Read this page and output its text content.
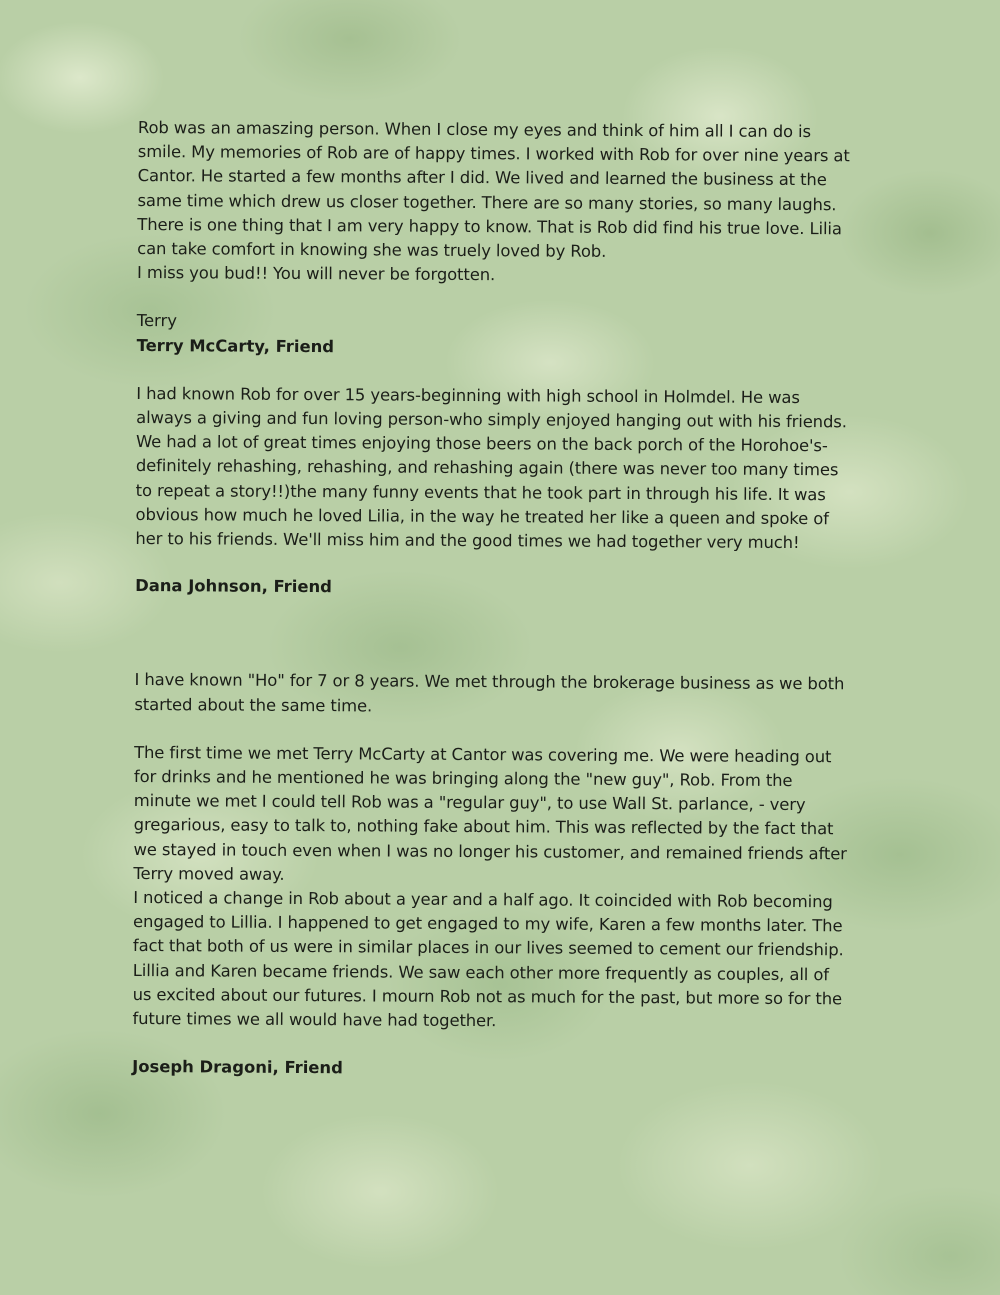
Rob was an amaszing person. When I close my eyes and think of him all I can do is smile. My memories of Rob are of happy times. I worked with Rob for over nine years at Cantor. He started a few months after I did. We lived and learned the business at the same time which drew us closer together. There are so many stories, so many laughs. There is one thing that I am very happy to know. That is Rob did find his true love. Lilia can take comfort in knowing she was truely loved by Rob.

I miss you bud!! You will never be forgotten.

Terry

Terry McCarty, Friend

I had known Rob for over 15 years-beginning with high school in Holmdel. He was always a giving and fun loving person-who simply enjoyed hanging out with his friends. We had a lot of great times enjoying those beers on the back porch of the Horohoe's-definitely rehashing, rehashing, and rehashing again (there was never too many times to repeat a story!!)the many funny events that he took part in through his life. It was obvious how much he loved Lilia, in the way he treated her like a queen and spoke of her to his friends. We'll miss him and the good times we had together very much!

Dana Johnson, Friend

I have known "Ho" for 7 or 8 years. We met through the brokerage business as we both started about the same time.

The first time we met Terry McCarty at Cantor was covering me. We were heading out for drinks and he mentioned he was bringing along the "new guy", Rob. From the minute we met I could tell Rob was a "regular guy", to use Wall St. parlance, - very gregarious, easy to talk to, nothing fake about him. This was reflected by the fact that we stayed in touch even when I was no longer his customer, and remained friends after Terry moved away.

I noticed a change in Rob about a year and a half ago. It coincided with Rob becoming engaged to Lillia. I happened to get engaged to my wife, Karen a few months later. The fact that both of us were in similar places in our lives seemed to cement our friendship. Lillia and Karen became friends. We saw each other more frequently as couples, all of us excited about our futures. I mourn Rob not as much for the past, but more so for the future times we all would have had together.

Joseph Dragoni, Friend
